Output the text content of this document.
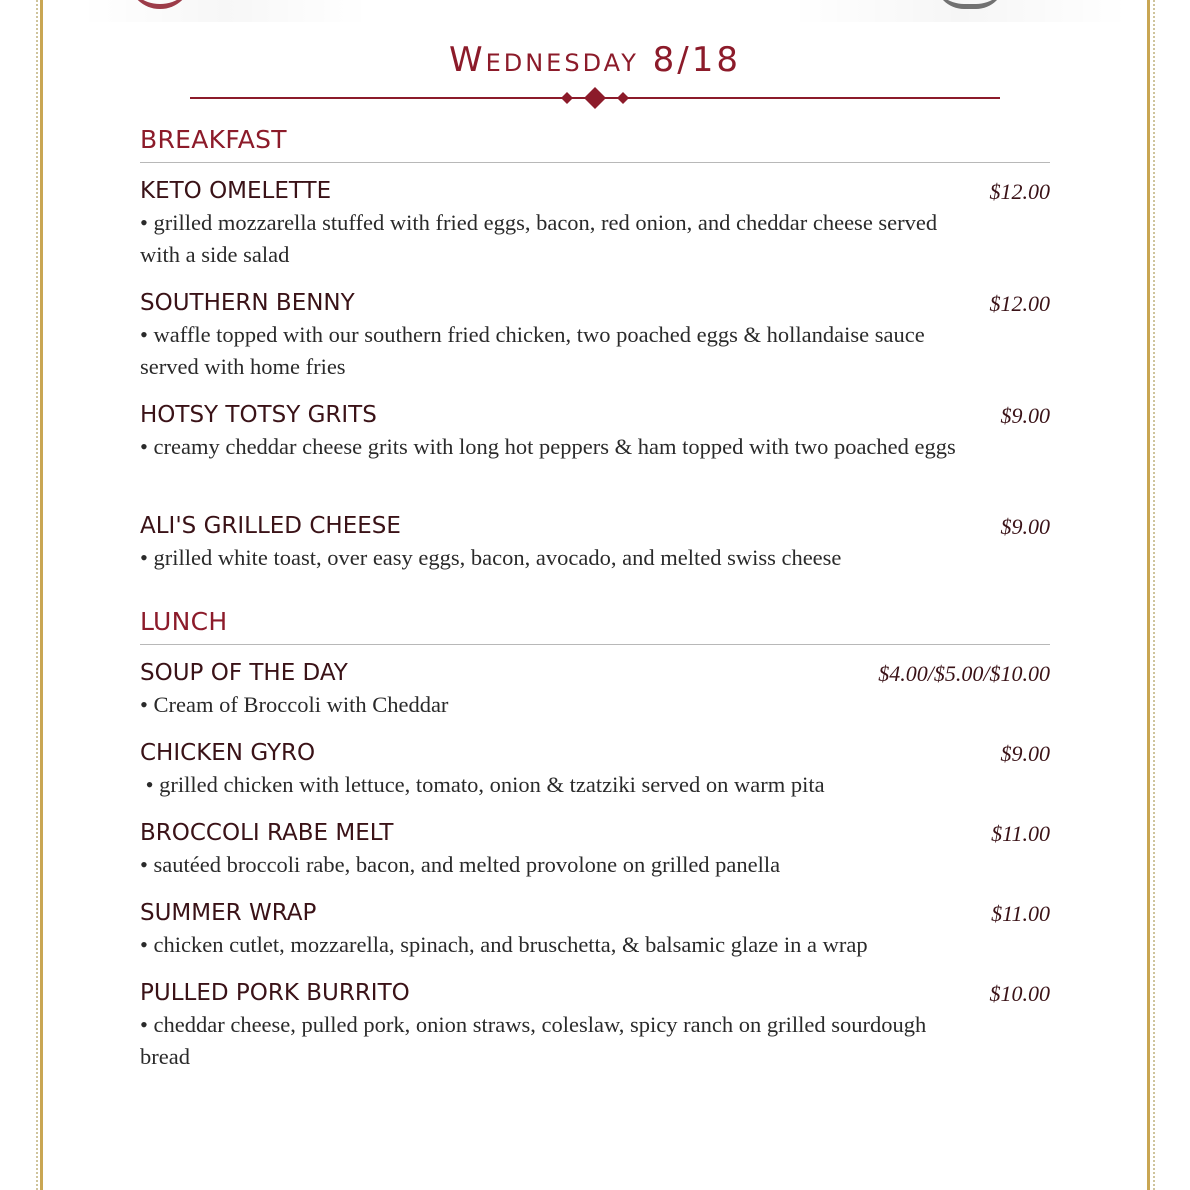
Wednesday 8/18
BREAKFAST
KETO OMELETTE	$12.00
• grilled mozzarella stuffed with fried eggs, bacon, red onion, and cheddar cheese served with a side salad
SOUTHERN BENNY	$12.00
• waffle topped with our southern fried chicken, two poached eggs & hollandaise sauce served with home fries
HOTSY TOTSY GRITS	$9.00
• creamy cheddar cheese grits with long hot peppers & ham topped with two poached eggs
ALI'S GRILLED CHEESE	$9.00
• grilled white toast, over easy eggs, bacon, avocado, and melted swiss cheese
LUNCH
SOUP OF THE DAY	$4.00/$5.00/$10.00
• Cream of Broccoli with Cheddar
CHICKEN GYRO	$9.00
• grilled chicken with lettuce, tomato, onion & tzatziki served on warm pita
BROCCOLI RABE MELT	$11.00
• sautéed broccoli rabe, bacon, and melted provolone on grilled panella
SUMMER WRAP	$11.00
• chicken cutlet, mozzarella, spinach, and bruschetta, & balsamic glaze in a wrap
PULLED PORK BURRITO	$10.00
• cheddar cheese, pulled pork, onion straws, coleslaw, spicy ranch on grilled sourdough bread
